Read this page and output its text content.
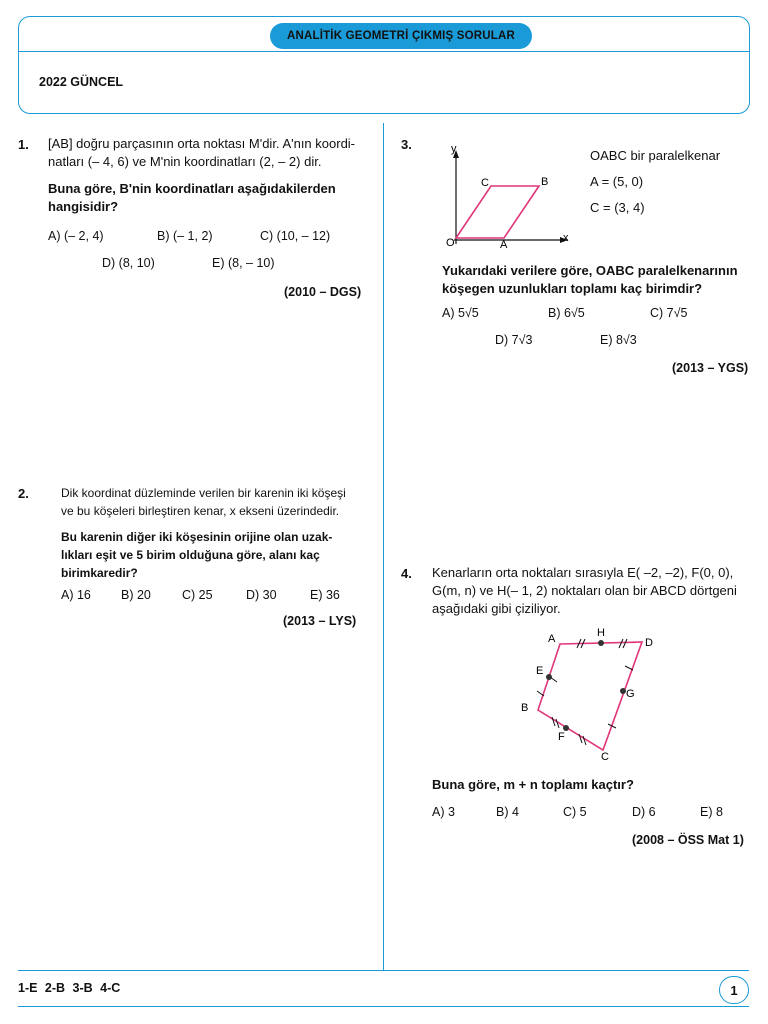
ANALİTİK GEOMETRİ ÇIKMIŞ SORULAR
2022 GÜNCEL
1. [AB] doğru parçasının orta noktası M'dir. A'nın koordi-
natları (– 4, 6) ve M'nin koordinatları (2, – 2) dir.
Buna göre, B'nin koordinatları aşağıdakilerden
hangisidir?
A) (– 2, 4)	B) (– 1, 2)	C) (10, – 12)
D) (8, 10)	E) (8, – 10)
(2010 – DGS)
2.	Dik koordinat düzleminde verilen bir karenin iki köşeşi
ve bu köşeleri birleştiren kenar, x ekseni üzerindedir.
Bu karenin diğer iki köşesinin orijine olan uzak-
lıkları eşit ve 5 birim olduğuna göre, alanı kaç
birimkaredir?
A) 16 B) 20 C) 25	D) 30	E) 36
(2013 – LYS)
3.	y
x
O	A
B
C
OABC bir paralelkenar
A = (5, 0)
C = (3, 4)
Yukarıdaki verilere göre, OABC paralelkenarının
köşegen uzunlukları toplamı kaç birimdir?
A) 5√5	B) 6√5	C) 7√5
D) 7√3	E) 8√3
(2013 – YGS)
4. Kenarların orta noktaları sırasıyla E( –2, –2), F(0, 0),
G(m, n) ve H(– 1, 2) noktaları olan bir ABCD dörtgeni
aşağıdaki gibi çiziliyor.
A	D
C
B
H
E
G
F
Buna göre, m + n toplamı kaçtır?
A) 3	B) 4	C) 5	D) 6	E) 8
(2008 – ÖSS Mat 1)
1-E 2-B 3-B 4-C	1
